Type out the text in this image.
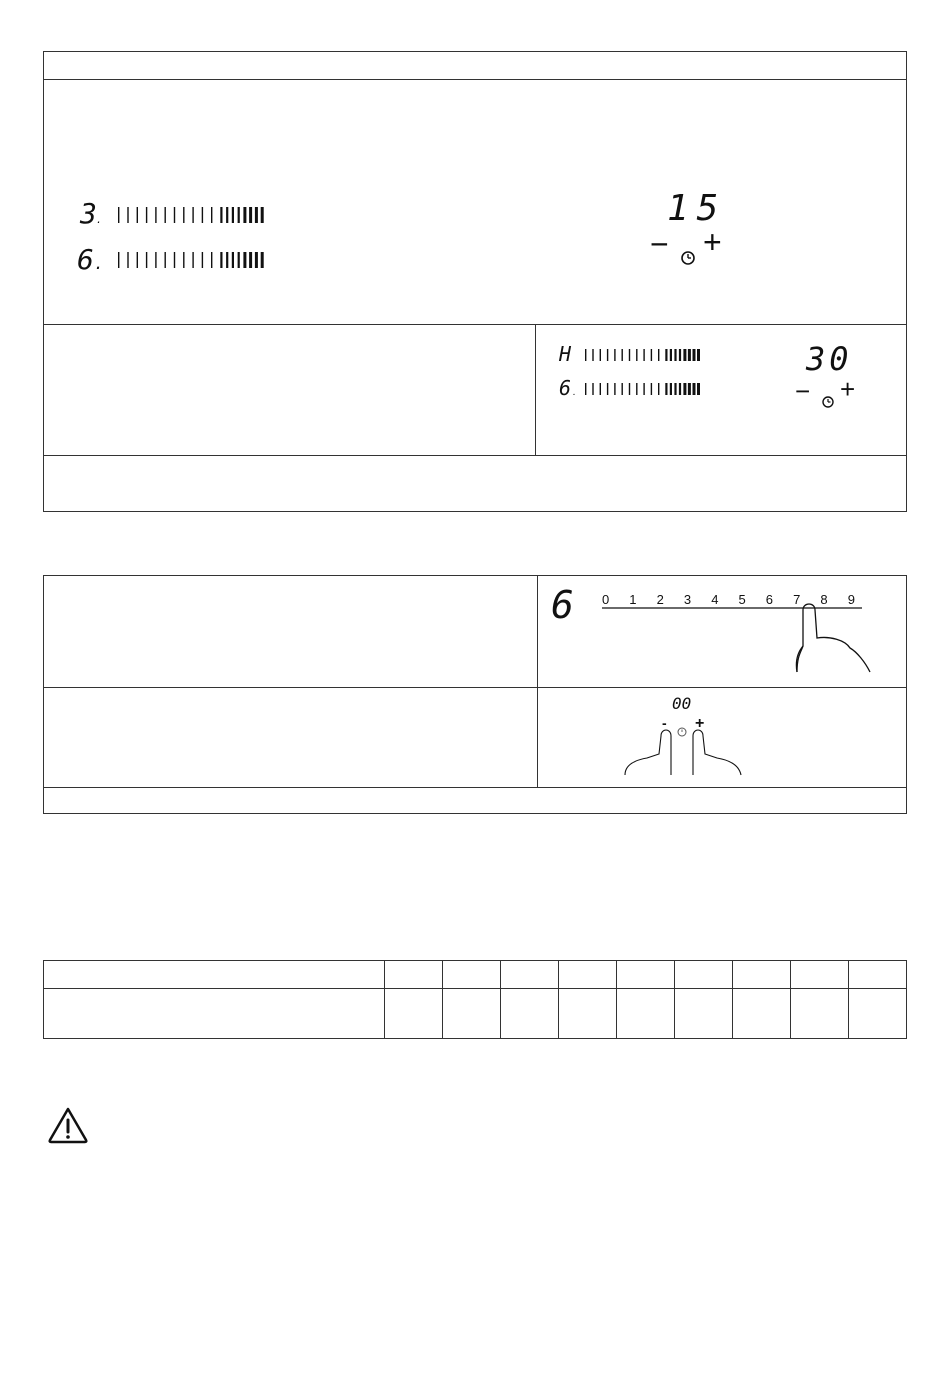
3 .
6 .
15
− +
H
6 .
30
− +
6 0 1 2 3 4 5 6 7 8 9
00
- +
